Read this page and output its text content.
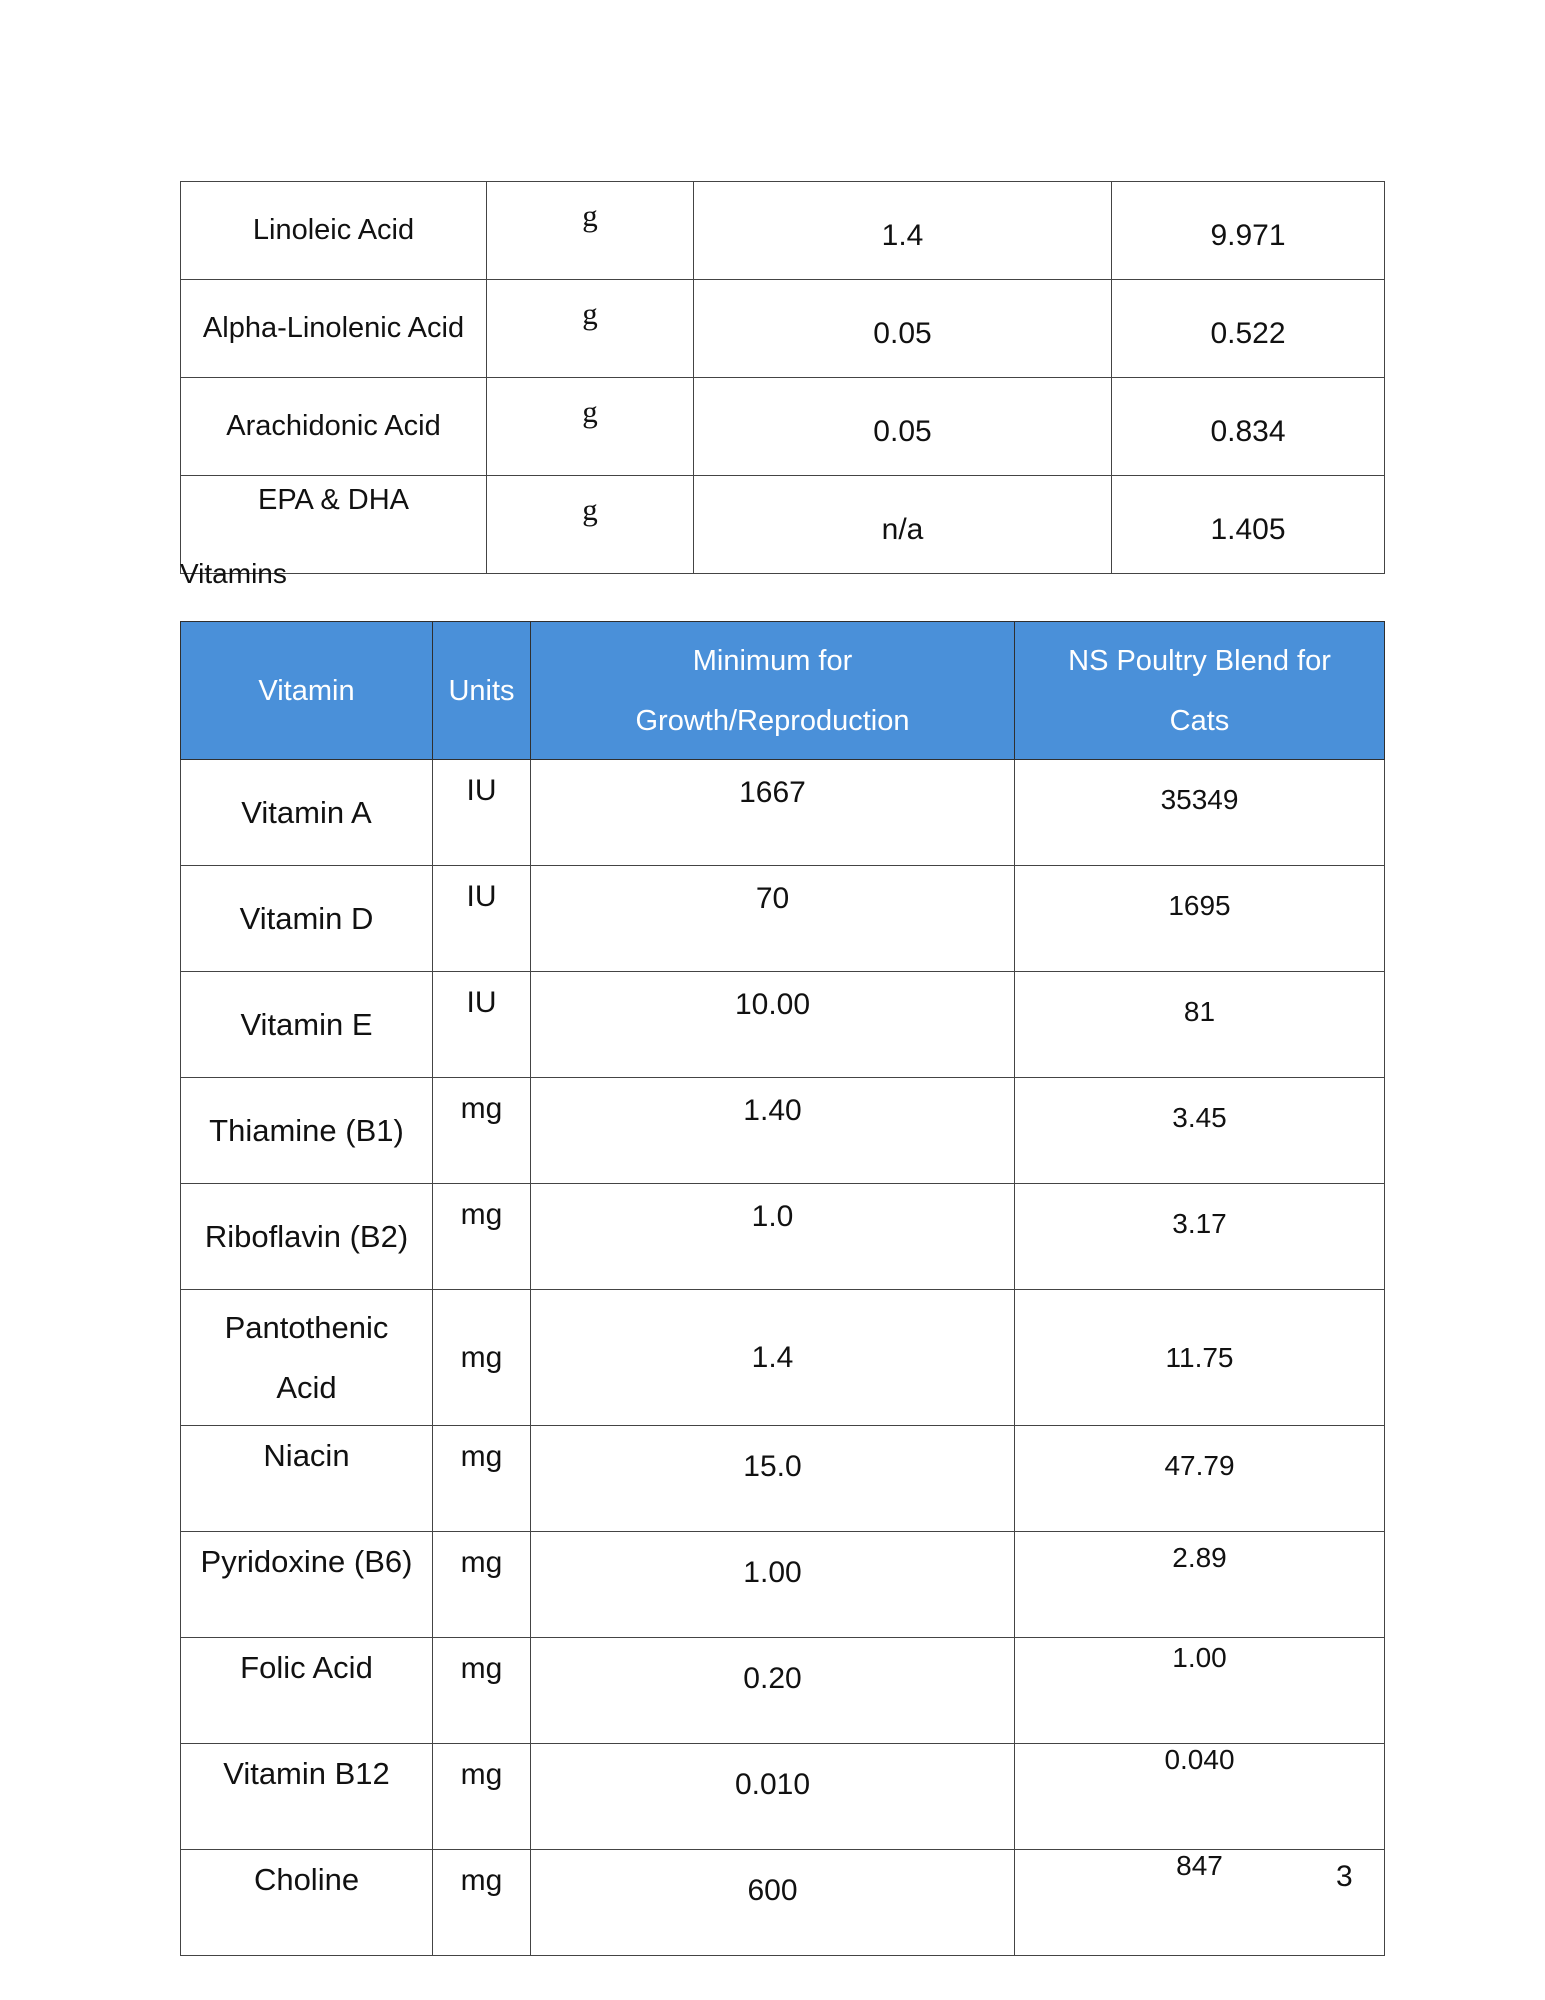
Linoleic Acid	g	1.4	9.971
Alpha-Linolenic Acid	g	0.05	0.522
Arachidonic Acid	g	0.05	0.834
EPA & DHA	g	n/a	1.405
Vitamins
Vitamin	Units	Minimum for Growth/Reproduction	NS Poultry Blend for Cats
Vitamin A	IU	1667	35349
Vitamin D	IU	70	1695
Vitamin E	IU	10.00	81
Thiamine (B1)	mg	1.40	3.45
Riboflavin (B2)	mg	1.0	3.17
Pantothenic Acid	mg	1.4	11.75
Niacin	mg	15.0	47.79
Pyridoxine (B6)	mg	1.00	2.89
Folic Acid	mg	0.20	1.00
Vitamin B12	mg	0.010	0.040
Choline	mg	600	847	3
